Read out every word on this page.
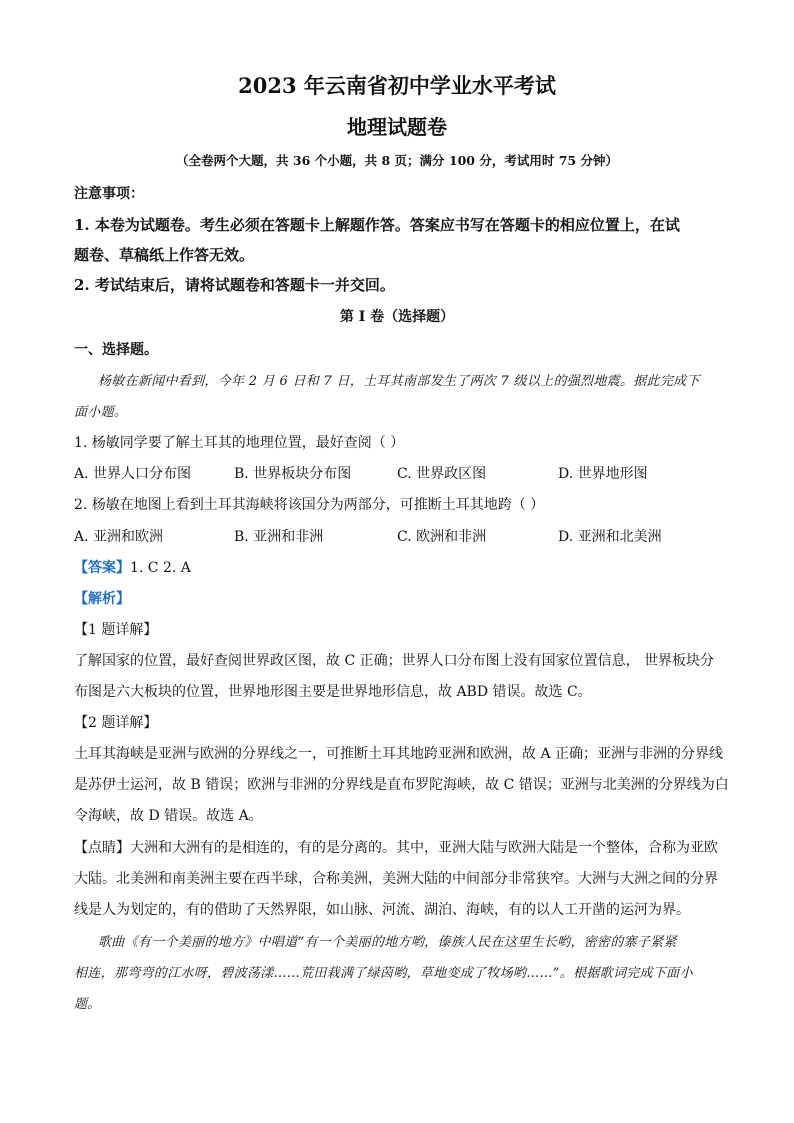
2023 年云南省初中学业水平考试
地理试题卷
（全卷两个大题，共 36 个小题，共 8 页；满分 100 分，考试用时 75 分钟）
注意事项：
1. 本卷为试题卷。考生必须在答题卡上解题作答。答案应书写在答题卡的相应位置上，在试
题卷、草稿纸上作答无效。
2. 考试结束后，请将试题卷和答题卡一并交回。
第 I 卷（选择题）
一、选择题。
杨敏在新闻中看到，今年 2 月 6 日和 7 日，土耳其南部发生了两次 7 级以上的强烈地震。据此完成下
面小题。
1. 杨敏同学要了解土耳其的地理位置，最好查阅（ ）
A. 世界人口分布图	B. 世界板块分布图	C. 世界政区图	D. 世界地形图
2. 杨敏在地图上看到土耳其海峡将该国分为两部分，可推断土耳其地跨（ ）
A. 亚洲和欧洲	B. 亚洲和非洲	C. 欧洲和非洲	D. 亚洲和北美洲
【答案】1. C 2. A
【解析】
【1 题详解】
了解国家的位置，最好查阅世界政区图，故 C 正确；世界人口分布图上没有国家位置信息， 世界板块分
布图是六大板块的位置，世界地形图主要是世界地形信息，故 ABD 错误。故选 C。
【2 题详解】
土耳其海峡是亚洲与欧洲的分界线之一，可推断土耳其地跨亚洲和欧洲，故 A 正确；亚洲与非洲的分界线
是苏伊士运河，故 B 错误；欧洲与非洲的分界线是直布罗陀海峡，故 C 错误；亚洲与北美洲的分界线为白
令海峡，故 D 错误。故选 A。
【点睛】大洲和大洲有的是相连的，有的是分离的。其中，亚洲大陆与欧洲大陆是一个整体，合称为亚欧
大陆。北美洲和南美洲主要在西半球，合称美洲，美洲大陆的中间部分非常狭窄。大洲与大洲之间的分界
线是人为划定的，有的借助了天然界限，如山脉、河流、湖泊、海峡，有的以人工开凿的运河为界。
歌曲《有一个美丽的地方》中唱道“有一个美丽的地方哟，傣族人民在这里生长哟，密密的寨子紧紧
相连，那弯弯的江水呀，碧波荡漾……荒田栽满了绿茵哟，草地变成了牧场哟……”。根据歌词完成下面小
题。
